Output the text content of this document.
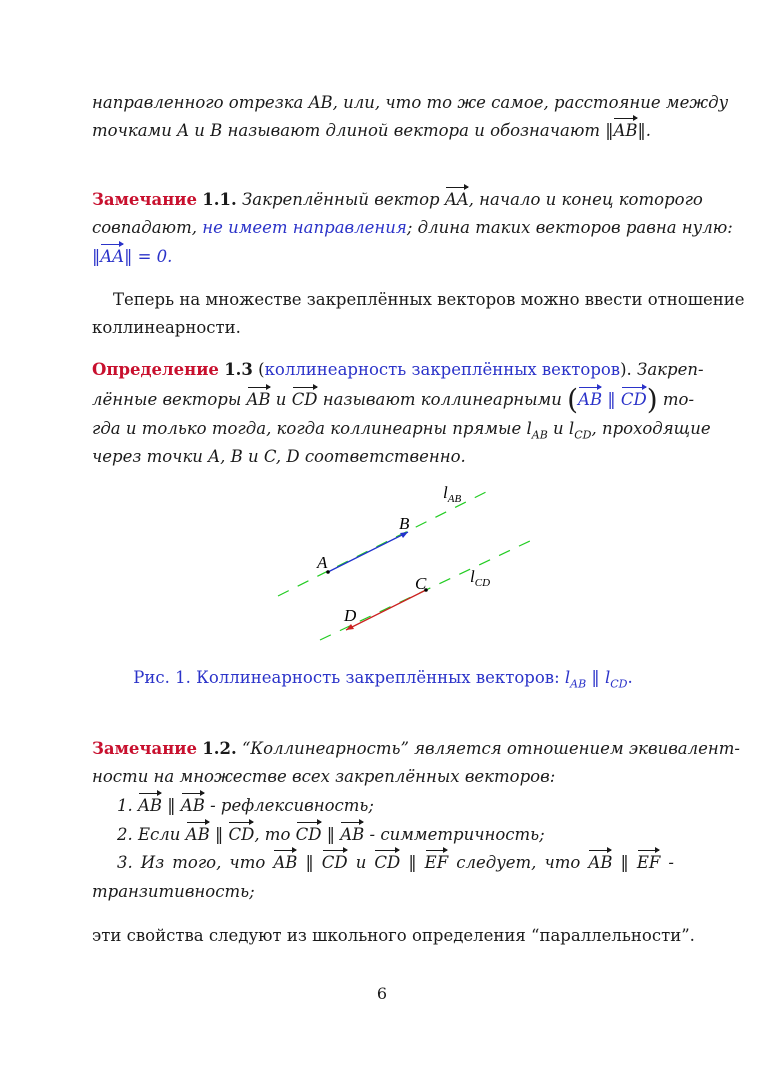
направленного отрезка AB, или, что то же самое, расстояние между
точками A и B называют длиной вектора и обозначают ‖AB‖.
Замечание 1.1. Закреплённый вектор AA, начало и конец которого
совпадают, не имеет направления; длина таких векторов равна нулю:
‖AA‖ = 0.
Теперь на множестве закреплённых векторов можно ввести отношение
коллинеарности.
Определение 1.3 (коллинеарность закреплённых векторов). Закреп-
лённые векторы AB и CD называют коллинеарными (AB ‖ CD) то-
гда и только тогда, когда коллинеарны прямые $l_{AB}$ и $l_{CD}$, проходящие
через точки A, B и C, D соответственно.
A
B
C
D
$l_{AB}$
$l_{CD}$
Рис. 1. Коллинеарность закреплённых векторов: $l_{AB}$ ‖ $l_{CD}$.
Замечание 1.2. “Коллинеарность” является отношением эквивалент-
ности на множестве всех закреплённых векторов:
1. AB ‖ AB - рефлексивность;
2. Если AB ‖ CD, то CD ‖ AB - симметричность;
3. Из того, что AB ‖ CD и CD ‖ EF следует, что AB ‖ EF -
транзитивность;
эти свойства следуют из школьного определения “параллельности”.
6
